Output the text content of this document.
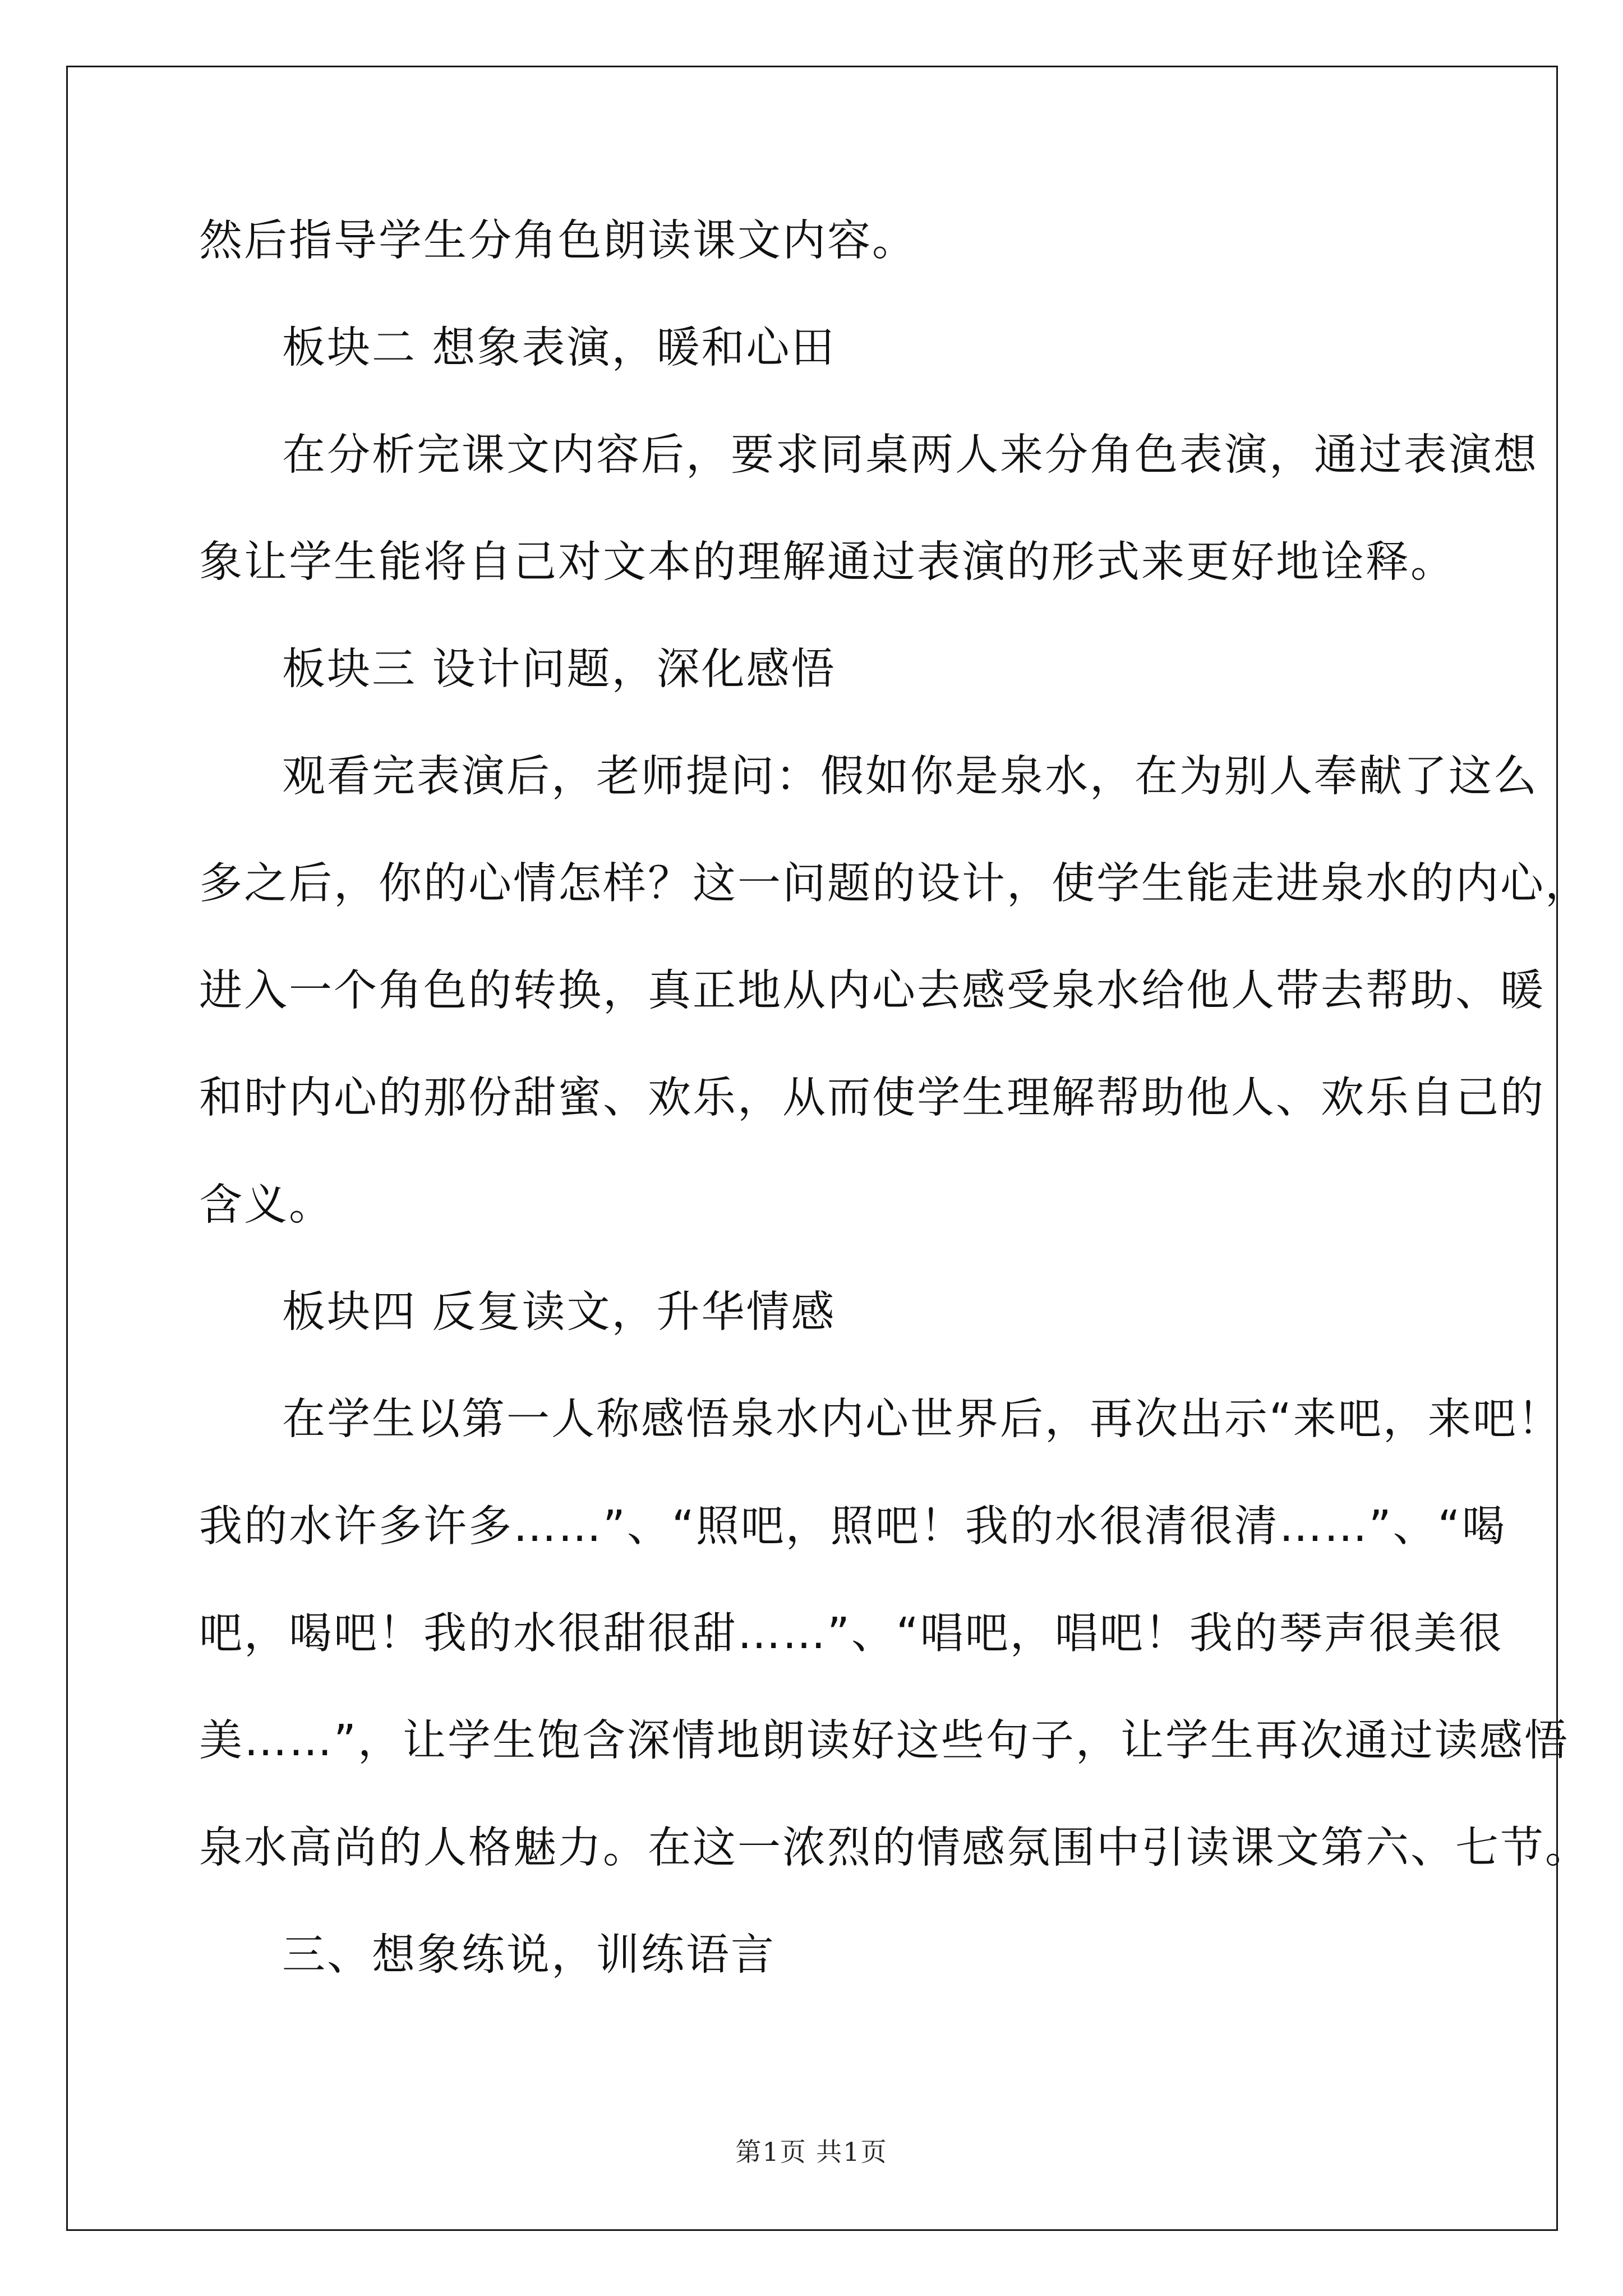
然后指导学生分角色朗读课文内容。
板块二 想象表演，暖和心田
在分析完课文内容后，要求同桌两人来分角色表演，通过表演想
象让学生能将自己对文本的理解通过表演的形式来更好地诠释。
板块三 设计问题，深化感悟
观看完表演后，老师提问：假如你是泉水，在为别人奉献了这么
多之后，你的心情怎样？这一问题的设计，使学生能走进泉水的内心，
进入一个角色的转换，真正地从内心去感受泉水给他人带去帮助、暖
和时内心的那份甜蜜、欢乐，从而使学生理解帮助他人、欢乐自己的
含义。
板块四 反复读文，升华情感
在学生以第一人称感悟泉水内心世界后，再次出示“来吧，来吧！
我的水许多许多……”、“照吧，照吧！我的水很清很清……”、“喝
吧，喝吧！我的水很甜很甜……”、“唱吧，唱吧！我的琴声很美很
美……”，让学生饱含深情地朗读好这些句子，让学生再次通过读感悟
泉水高尚的人格魅力。在这一浓烈的情感氛围中引读课文第六、七节。
三、想象练说，训练语言
第1页 共1页
